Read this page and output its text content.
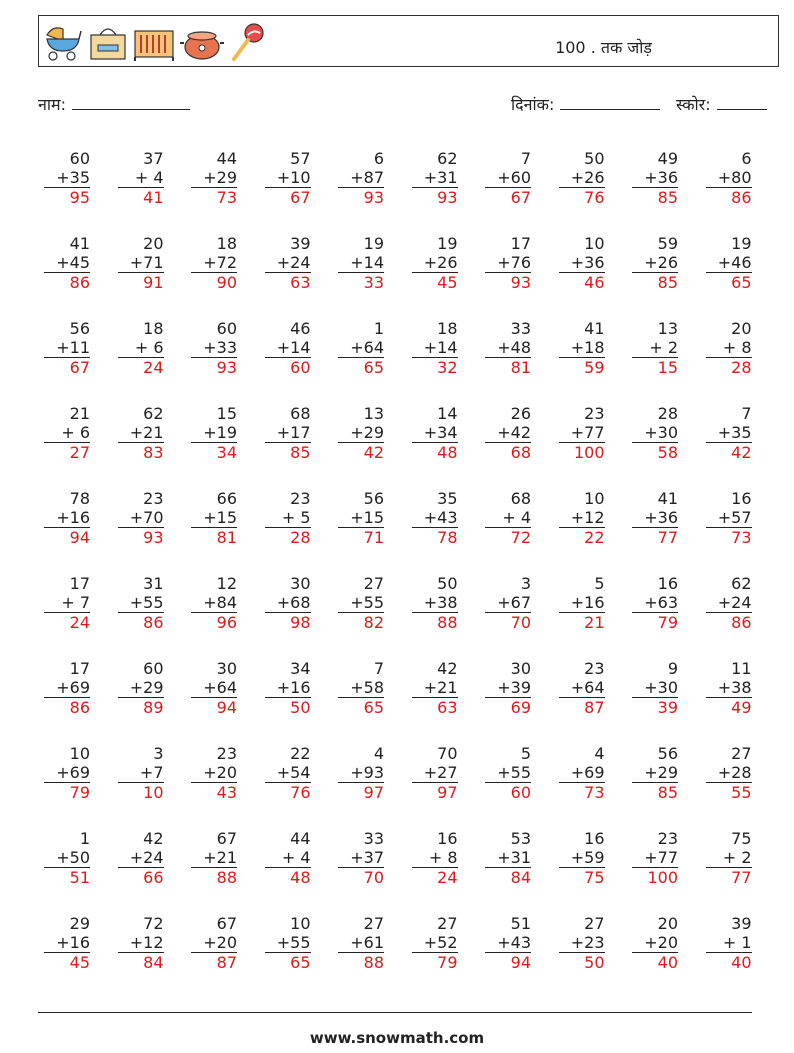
100 . तक जोड़
नाम:	दिनांक:	स्कोर:
60
+35
95
37
+ 4
41
44
+29
73
57
+10
67
6
+87
93
62
+31
93
7
+60
67
50
+26
76
49
+36
85
6
+80
86
41
+45
86
20
+71
91
18
+72
90
39
+24
63
19
+14
33
19
+26
45
17
+76
93
10
+36
46
59
+26
85
19
+46
65
56
+11
67
18
+ 6
24
60
+33
93
46
+14
60
1
+64
65
18
+14
32
33
+48
81
41
+18
59
13
+ 2
15
20
+ 8
28
21
+ 6
27
62
+21
83
15
+19
34
68
+17
85
13
+29
42
14
+34
48
26
+42
68
23
+77
100
28
+30
58
7
+35
42
78
+16
94
23
+70
93
66
+15
81
23
+ 5
28
56
+15
71
35
+43
78
68
+ 4
72
10
+12
22
41
+36
77
16
+57
73
17
+ 7
24
31
+55
86
12
+84
96
30
+68
98
27
+55
82
50
+38
88
3
+67
70
5
+16
21
16
+63
79
62
+24
86
17
+69
86
60
+29
89
30
+64
94
34
+16
50
7
+58
65
42
+21
63
30
+39
69
23
+64
87
9
+30
39
11
+38
49
10
+69
79
3
+7
10
23
+20
43
22
+54
76
4
+93
97
70
+27
97
5
+55
60
4
+69
73
56
+29
85
27
+28
55
1
+50
51
42
+24
66
67
+21
88
44
+ 4
48
33
+37
70
16
+ 8
24
53
+31
84
16
+59
75
23
+77
100
75
+ 2
77
29
+16
45
72
+12
84
67
+20
87
10
+55
65
27
+61
88
27
+52
79
51
+43
94
27
+23
50
20
+20
40
39
+ 1
40
www.snowmath.com
